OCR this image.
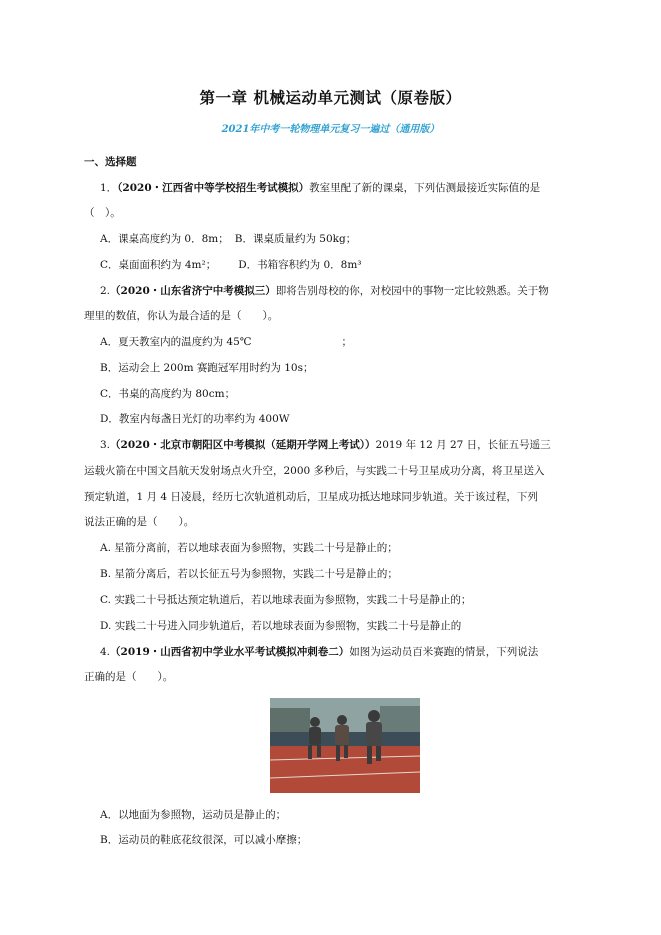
第一章 机械运动单元测试（原卷版）
2021年中考一轮物理单元复习一遍过（通用版）
一、选择题
1．（2020・江西省中等学校招生考试模拟）教室里配了新的课桌，下列估测最接近实际值的是
（　）。
A．课桌高度约为 0．8m； B．课桌质量约为 50kg；
C．桌面面积约为 4m²； D．书箱容积约为 0．8m³
2.（2020・山东省济宁中考模拟三）即将告别母校的你，对校园中的事物一定比较熟悉。关于物
理里的数值，你认为最合适的是（　　）。
A．夏天教室内的温度约为 45℃	；
B．运动会上 200m 赛跑冠军用时约为 10s；
C．书桌的高度约为 80cm；
D．教室内每盏日光灯的功率约为 400W
3.（2020・北京市朝阳区中考模拟（延期开学网上考试））2019 年 12 月 27 日，长征五号遥三
运载火箭在中国文昌航天发射场点火升空，2000 多秒后，与实践二十号卫星成功分离，将卫星送入
预定轨道，1 月 4 日凌晨，经历七次轨道机动后，卫星成功抵达地球同步轨道。关于该过程，下列
说法正确的是（　　）。
A. 星箭分离前，若以地球表面为参照物，实践二十号是静止的；
B. 星箭分离后，若以长征五号为参照物，实践二十号是静止的；
C. 实践二十号抵达预定轨道后，若以地球表面为参照物，实践二十号是静止的；
D. 实践二十号进入同步轨道后，若以地球表面为参照物，实践二十号是静止的
4.（2019・山西省初中学业水平考试模拟冲刺卷二）如图为运动员百米赛跑的情景，下列说法
正确的是（　　）。
A．以地面为参照物，运动员是静止的；
B．运动员的鞋底花纹很深，可以减小摩擦；
